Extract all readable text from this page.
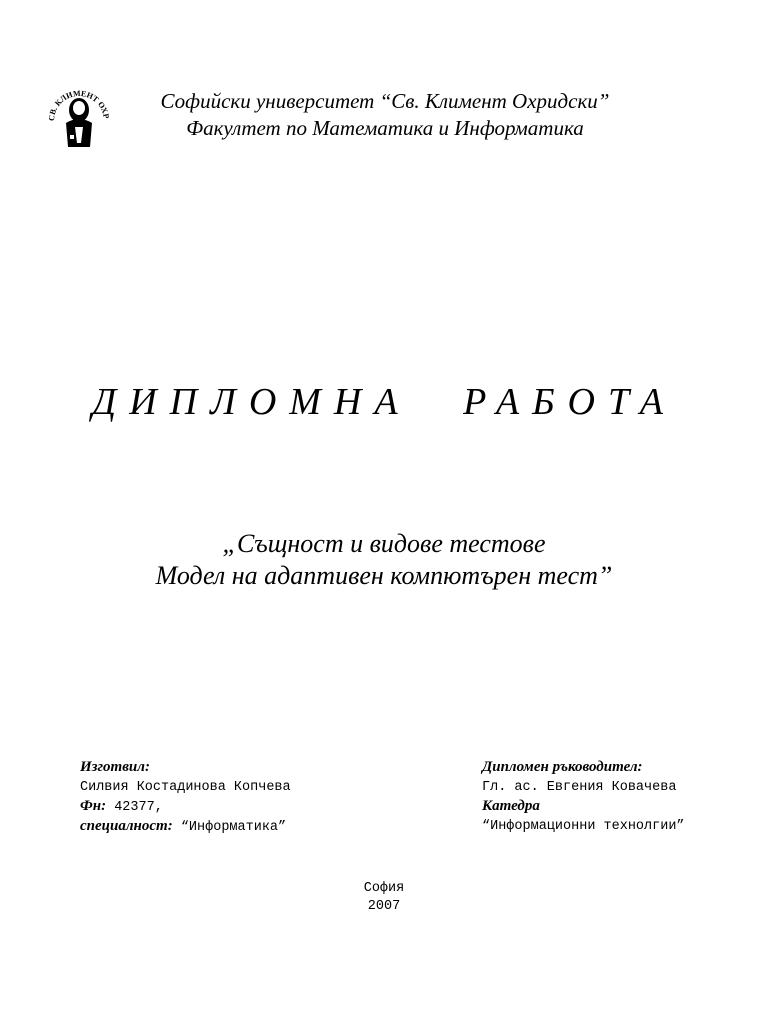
СВ. КЛИМЕНТ ОХР
Софийски университет “Св. Климент Охридски”
Факултет по Математика и Информатика
ДИПЛОМНА РАБОТА
„Същност и видове тестове
Модел на адаптивен компютърен тест”
Изготвил:
Силвия Костадинова Копчева
Фн: 42377,
специалност: “Информатика”
Дипломен ръководител:
Гл. ас. Евгения Ковачева
Катедра
“Информационни технолгии”
София
2007
